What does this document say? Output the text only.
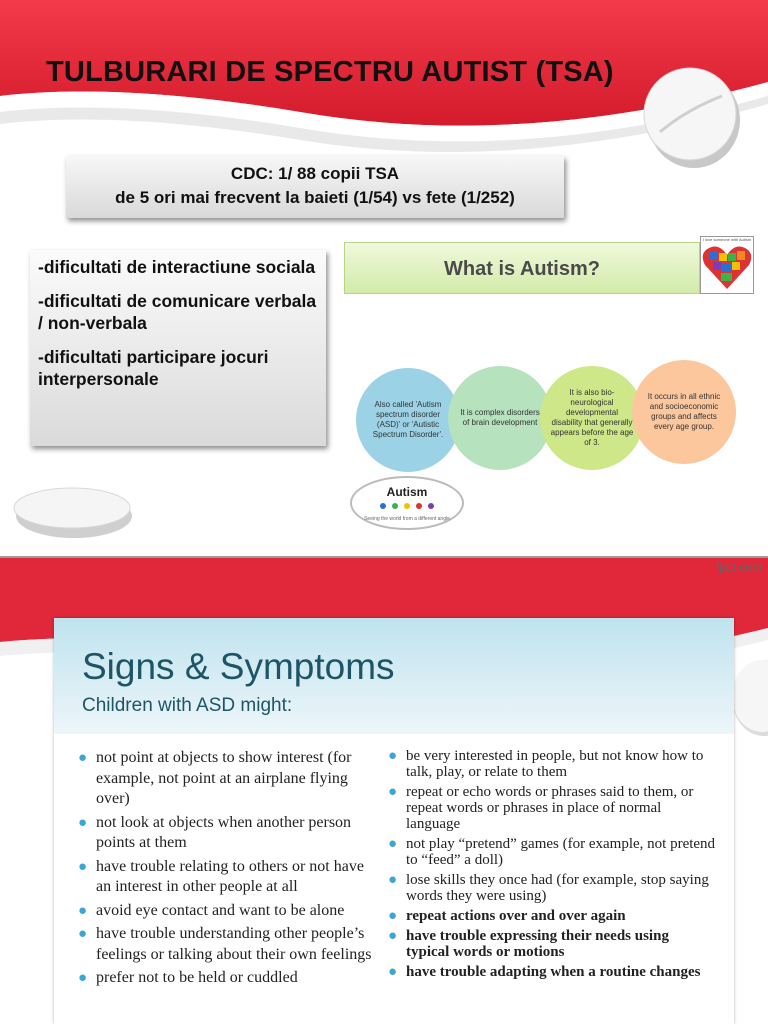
TULBURARI DE SPECTRU AUTIST (TSA)
CDC: 1/ 88 copii TSA
de 5 ori mai frecvent la baieti (1/54) vs fete (1/252)

-dificultati de interactiune sociala

-dificultati de comunicare verbala / non-verbala

-dificultati participare jocuri interpersonale

What is Autism?
I love someone with Autism
Also called 'Autism spectrum disorder (ASD)' or 'Autistic Spectrum Disorder'.
It is complex disorders of brain development
It is also bio-neurological developmental disability that generally appears before the age of 3.
It occurs in all ethnic and socioeconomic groups and affects every age group.
Autism
Seeing the world from a different angle
fppt.com
Signs & Symptoms
Children with ASD might:
● not point at objects to show interest (for example, not point at an airplane flying over)
● not look at objects when another person points at them
● have trouble relating to others or not have an interest in other people at all
● avoid eye contact and want to be alone
● have trouble understanding other people’s feelings or talking about their own feelings
● prefer not to be held or cuddled
● be very interested in people, but not know how to talk, play, or relate to them
● repeat or echo words or phrases said to them, or repeat words or phrases in place of normal language
● not play “pretend” games (for example, not pretend to “feed” a doll)
● lose skills they once had (for example, stop saying words they were using)
● repeat actions over and over again
● have trouble expressing their needs using typical words or motions
● have trouble adapting when a routine changes
